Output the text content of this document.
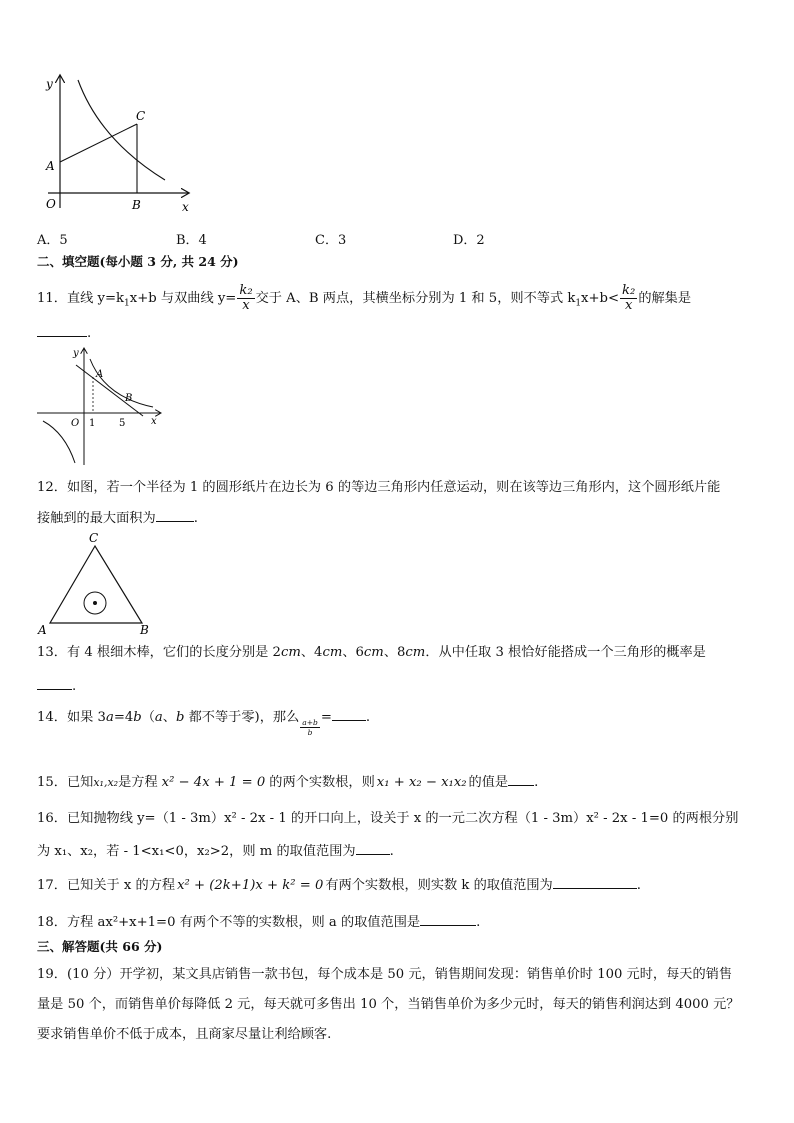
y
C
A
O	B	x
A．5	B．4	C．3	D．2
二、填空题(每小题 3 分, 共 24 分)
11．直线 $y=k_1x+b$ 与双曲线 $y= \frac{\text{k₂}}{x}$ 交于 A、B 两点，其横坐标分别为 1 和 5，则不等式 $k_1x+b< \frac{\text{k₂}}{x}$ 的解集是
.
y
A
B
O 1 5	x
12．如图，若一个半径为 1 的圆形纸片在边长为 6 的等边三角形内任意运动，则在该等边三角形内，这个圆形纸片能
接触到的最大面积为	.
C
A	B
13．有 4 根细木棒，它们的长度分别是 2cm、4cm、6cm、8cm．从中任取 3 根恰好能搭成一个三角形的概率是
.
14．如果 3a=4b（a、b 都不等于零)，那么
$\frac{a+b}{b}$
=	.
15．已知x₁,x₂是方程 x² − 4x + 1 = 0 的两个实数根，则 x₁ + x₂ − x₁x₂ 的值是 .
16．已知抛物线 y=（1 - 3m）x² - 2x - 1 的开口向上，设关于 x 的一元二次方程（1 - 3m）x² - 2x - 1=0 的两根分别
为 x₁、x₂，若 - 1<x₁<0，x₂>2，则 m 的取值范围为	.
17．已知关于 x 的方程 x² + (2k+1)x + k² = 0 有两个实数根，则实数 k 的取值范围为	.
18．方程 ax²+x+1=0 有两个不等的实数根，则 a 的取值范围是	.
三、解答题(共 66 分)
19．(10 分）开学初，某文具店销售一款书包，每个成本是 50 元，销售期间发现：销售单价时 100 元时，每天的销售
量是 50 个，而销售单价每降低 2 元，每天就可多售出 10 个，当销售单价为多少元时，每天的销售利润达到 4000 元？
要求销售单价不低于成本，且商家尽量让利给顾客.
